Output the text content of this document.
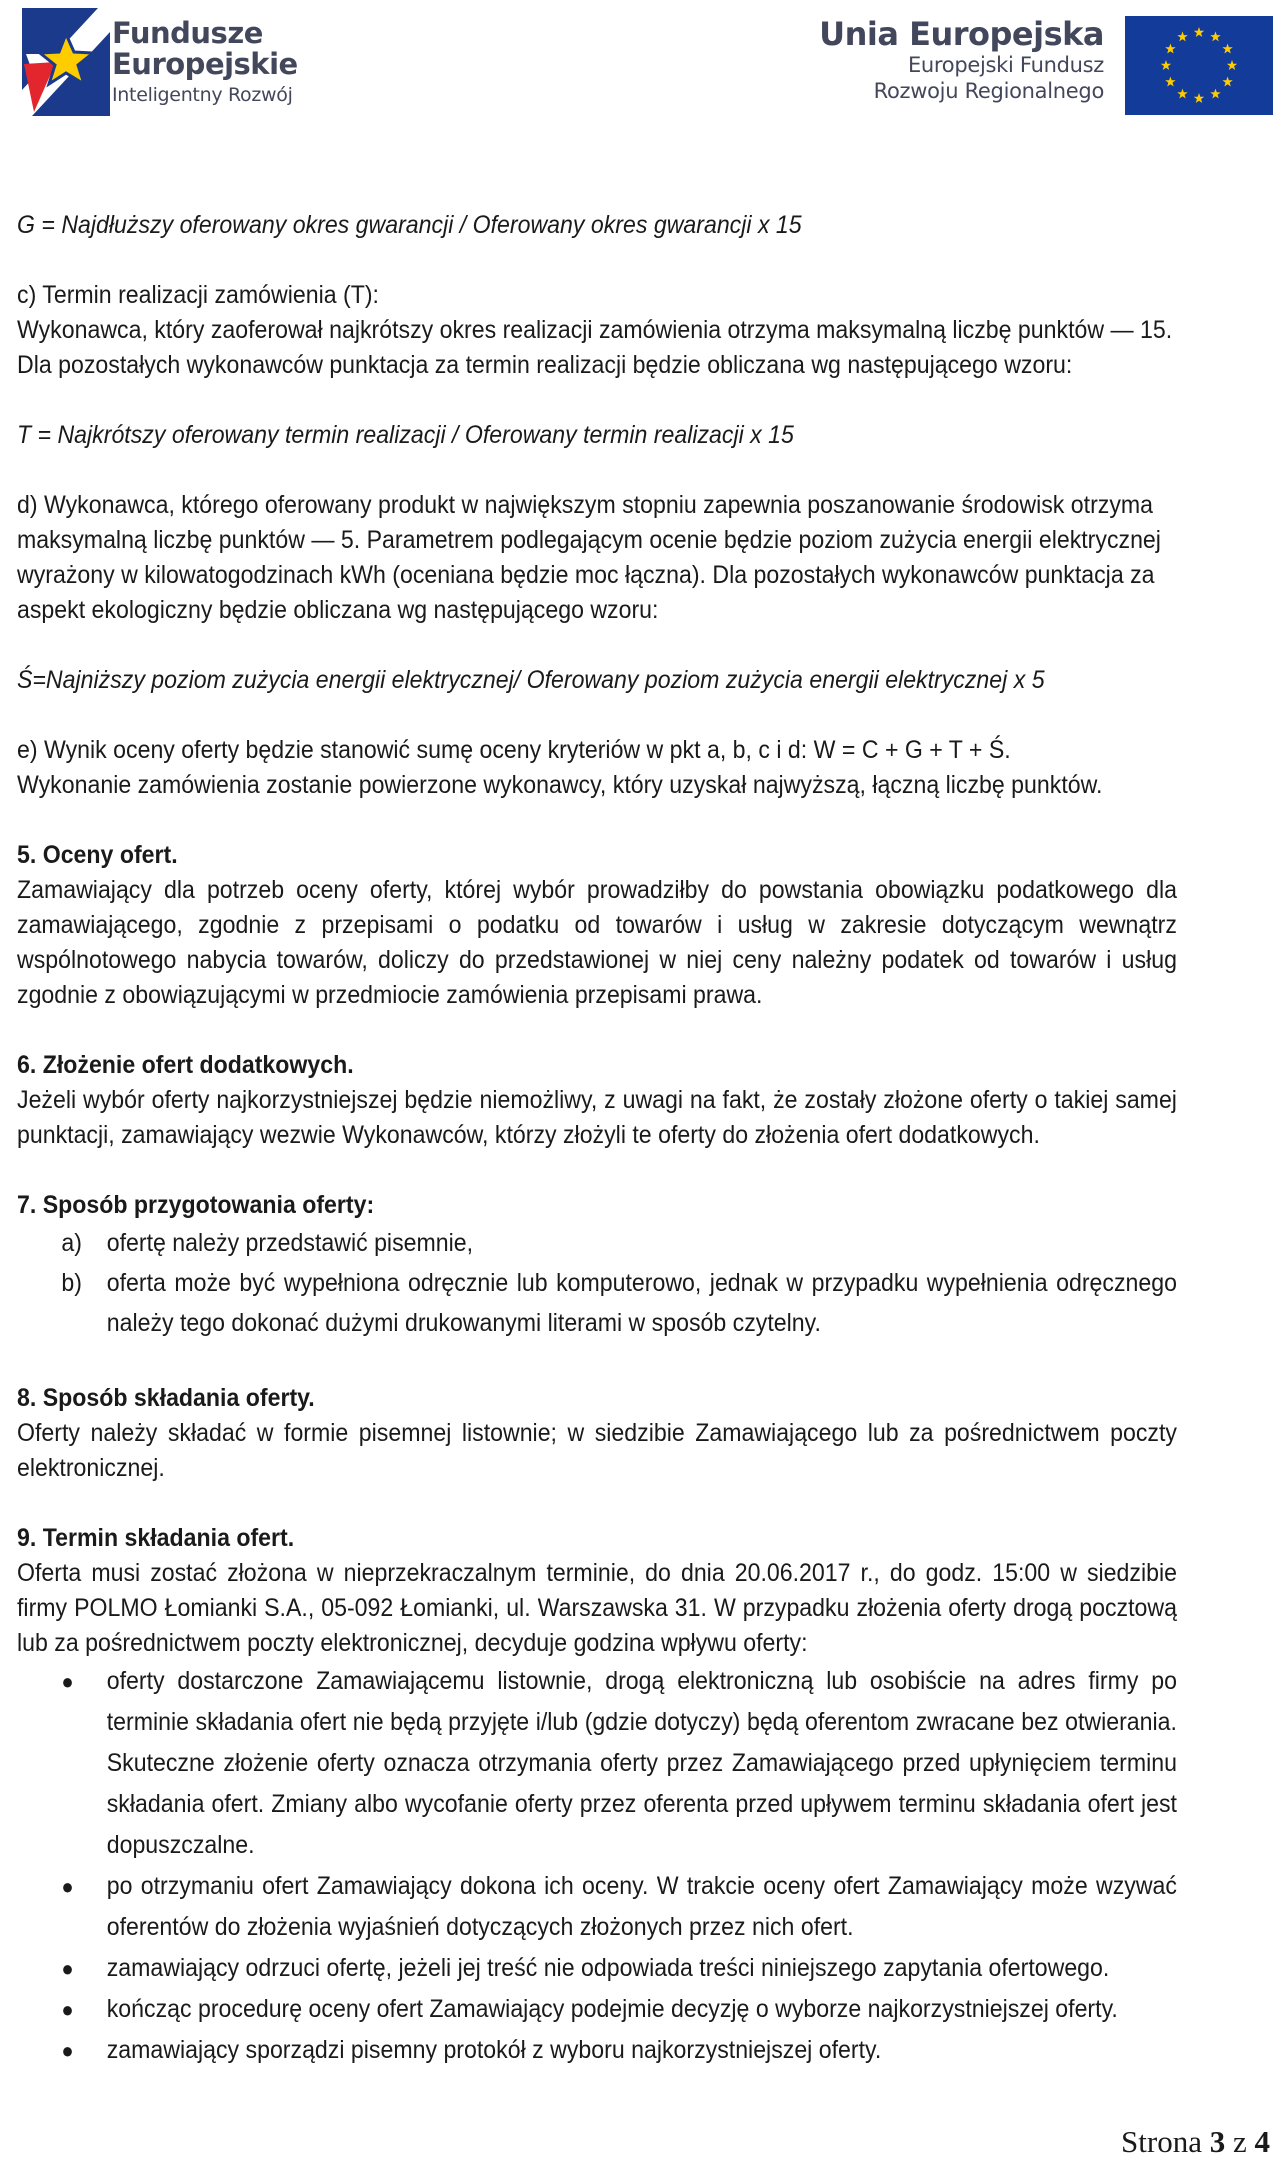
Fundusze
Europejskie
Inteligentny Rozwój
Unia Europejska
Europejski Fundusz
Rozwoju Regionalnego

G = Najdłuższy oferowany okres gwarancji / Oferowany okres gwarancji x 15

c) Termin realizacji zamówienia (T):

Wykonawca, który zaoferował najkrótszy okres realizacji zamówienia otrzyma maksymalną liczbę punktów — 15.

Dla pozostałych wykonawców punktacja za termin realizacji będzie obliczana wg następującego wzoru:

T = Najkrótszy oferowany termin realizacji / Oferowany termin realizacji x 15

d) Wykonawca, którego oferowany produkt w największym stopniu zapewnia poszanowanie środowisk otrzyma maksymalną liczbę punktów — 5. Parametrem podlegającym ocenie będzie poziom zużycia energii elektrycznej wyrażony w kilowatogodzinach kWh (oceniana będzie moc łączna). Dla pozostałych wykonawców punktacja za aspekt ekologiczny będzie obliczana wg następującego wzoru:

Ś=Najniższy poziom zużycia energii elektrycznej/ Oferowany poziom zużycia energii elektrycznej x 5

e) Wynik oceny oferty będzie stanowić sumę oceny kryteriów w pkt a, b, c i d: W = C + G + T + Ś.

Wykonanie zamówienia zostanie powierzone wykonawcy, który uzyskał najwyższą, łączną liczbę punktów.

5. Oceny ofert.

Zamawiający dla potrzeb oceny oferty, której wybór prowadziłby do powstania obowiązku podatkowego dla zamawiającego, zgodnie z przepisami o podatku od towarów i usług w zakresie dotyczącym wewnątrz wspólnotowego nabycia towarów, doliczy do przedstawionej w niej ceny należny podatek od towarów i usług zgodnie z obowiązującymi w przedmiocie zamówienia przepisami prawa.

6. Złożenie ofert dodatkowych.

Jeżeli wybór oferty najkorzystniejszej będzie niemożliwy, z uwagi na fakt, że zostały złożone oferty o takiej samej punktacji, zamawiający wezwie Wykonawców, którzy złożyli te oferty do złożenia ofert dodatkowych.

7. Sposób przygotowania oferty:

a) ofertę należy przedstawić pisemnie,
b) oferta może być wypełniona odręcznie lub komputerowo, jednak w przypadku wypełnienia odręcznego należy tego dokonać dużymi drukowanymi literami w sposób czytelny.

8. Sposób składania oferty.

Oferty należy składać w formie pisemnej listownie; w siedzibie Zamawiającego lub za pośrednictwem poczty elektronicznej.

9. Termin składania ofert.

Oferta musi zostać złożona w nieprzekraczalnym terminie, do dnia 20.06.2017 r., do godz. 15:00 w siedzibie firmy POLMO Łomianki S.A., 05-092 Łomianki, ul. Warszawska 31. W przypadku złożenia oferty drogą pocztową lub za pośrednictwem poczty elektronicznej, decyduje godzina wpływu oferty:

●	oferty dostarczone Zamawiającemu listownie, drogą elektroniczną lub osobiście na adres firmy po terminie składania ofert nie będą przyjęte i/lub (gdzie dotyczy) będą oferentom zwracane bez otwierania. Skuteczne złożenie oferty oznacza otrzymania oferty przez Zamawiającego przed upłynięciem terminu składania ofert. Zmiany albo wycofanie oferty przez oferenta przed upływem terminu składania ofert jest dopuszczalne.
●	po otrzymaniu ofert Zamawiający dokona ich oceny. W trakcie oceny ofert Zamawiający może wzywać oferentów do złożenia wyjaśnień dotyczących złożonych przez nich ofert.
●	zamawiający odrzuci ofertę, jeżeli jej treść nie odpowiada treści niniejszego zapytania ofertowego.
●	kończąc procedurę oceny ofert Zamawiający podejmie decyzję o wyborze najkorzystniejszej oferty.
●	zamawiający sporządzi pisemny protokół z wyboru najkorzystniejszej oferty.
Strona 3 z 4
